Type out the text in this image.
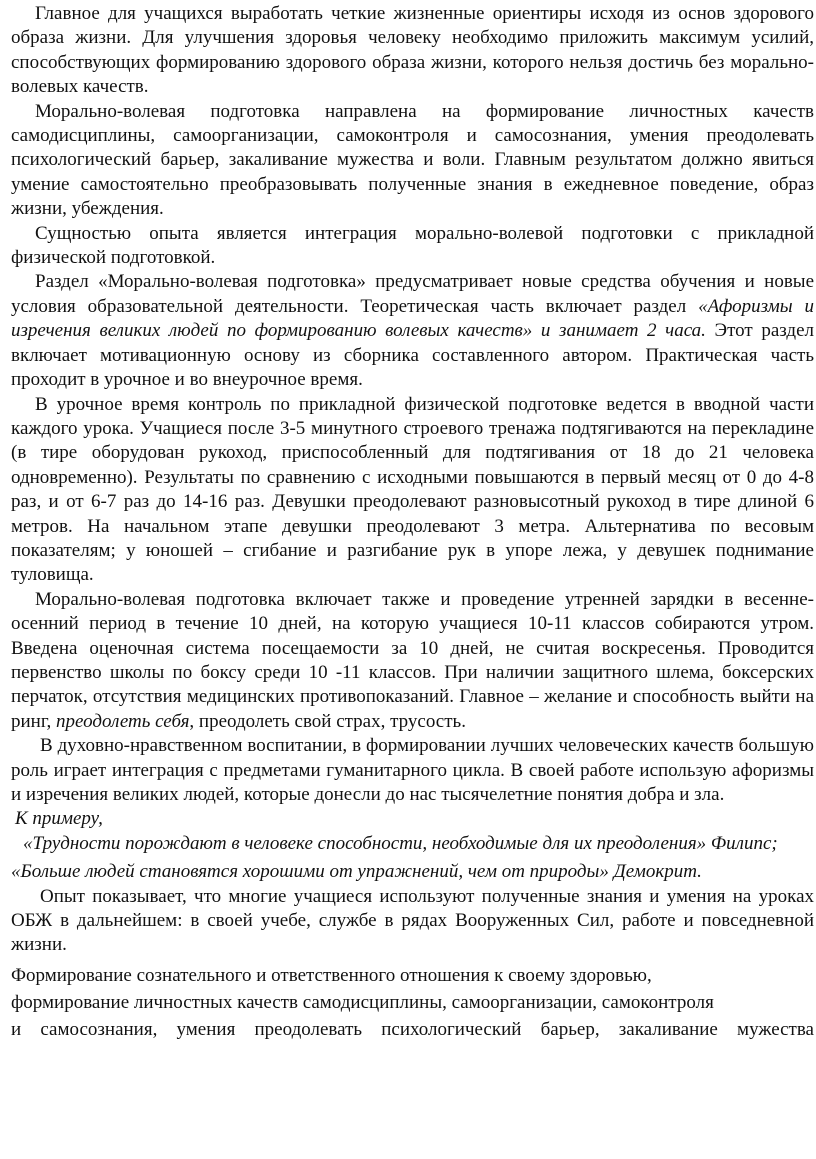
Главное для учащихся выработать четкие жизненные ориентиры исходя из основ здорового образа жизни. Для улучшения здоровья человеку необходимо приложить максимум усилий, способствующих формированию здорового образа жизни, которого нельзя достичь без морально-волевых качеств.

Морально-волевая подготовка направлена на формирование личностных качеств самодисциплины, самоорганизации, самоконтроля и самосознания, умения преодолевать психологический барьер, закаливание мужества и воли. Главным результатом должно явиться умение самостоятельно преобразовывать полученные знания в ежедневное поведение, образ жизни, убеждения.

Сущностью опыта является интеграция морально-волевой подготовки с прикладной физической подготовкой.

Раздел «Морально-волевая подготовка» предусматривает новые средства обучения и новые условия образовательной деятельности. Теоретическая часть включает раздел «Афоризмы и изречения великих людей по формированию волевых качеств» и занимает 2 часа. Этот раздел включает мотивационную основу из сборника составленного автором. Практическая часть проходит в урочное и во внеурочное время.

В урочное время контроль по прикладной физической подготовке ведется в вводной части каждого урока. Учащиеся после 3-5 минутного строевого тренажа подтягиваются на перекладине (в тире оборудован рукоход, приспособленный для подтягивания от 18 до 21 человека одновременно). Результаты по сравнению с исходными повышаются в первый месяц от 0 до 4-8 раз, и от 6-7 раз до 14-16 раз. Девушки преодолевают разновысотный рукоход в тире длиной 6 метров. На начальном этапе девушки преодолевают 3 метра. Альтернатива по весовым показателям; у юношей – сгибание и разгибание рук в упоре лежа, у девушек поднимание туловища.

Морально-волевая подготовка включает также и проведение утренней зарядки в весенне-осенний период в течение 10 дней, на которую учащиеся 10-11 классов собираются утром. Введена оценочная система посещаемости за 10 дней, не считая воскресенья. Проводится первенство школы по боксу среди 10 -11 классов. При наличии защитного шлема, боксерских перчаток, отсутствия медицинских противопоказаний. Главное – желание и способность выйти на ринг, преодолеть себя, преодолеть свой страх, трусость.

В духовно-нравственном воспитании, в формировании лучших человеческих качеств большую роль играет интеграция с предметами гуманитарного цикла. В своей работе использую афоризмы и изречения великих людей, которые донесли до нас тысячелетние понятия добра и зла.

К примеру,

«Трудности порождают в человеке способности, необходимые для их преодоления» Филипс;

«Больше людей становятся хорошими от упражнений, чем от природы» Демокрит.

Опыт показывает, что многие учащиеся используют полученные знания и умения на уроках ОБЖ в дальнейшем: в своей учебе, службе в рядах Вооруженных Сил, работе и повседневной жизни.

Формирование сознательного и ответственного отношения к своему здоровью,

формирование личностных качеств самодисциплины, самоорганизации, самоконтроля

и самосознания, умения преодолевать психологический барьер, закаливание мужества
